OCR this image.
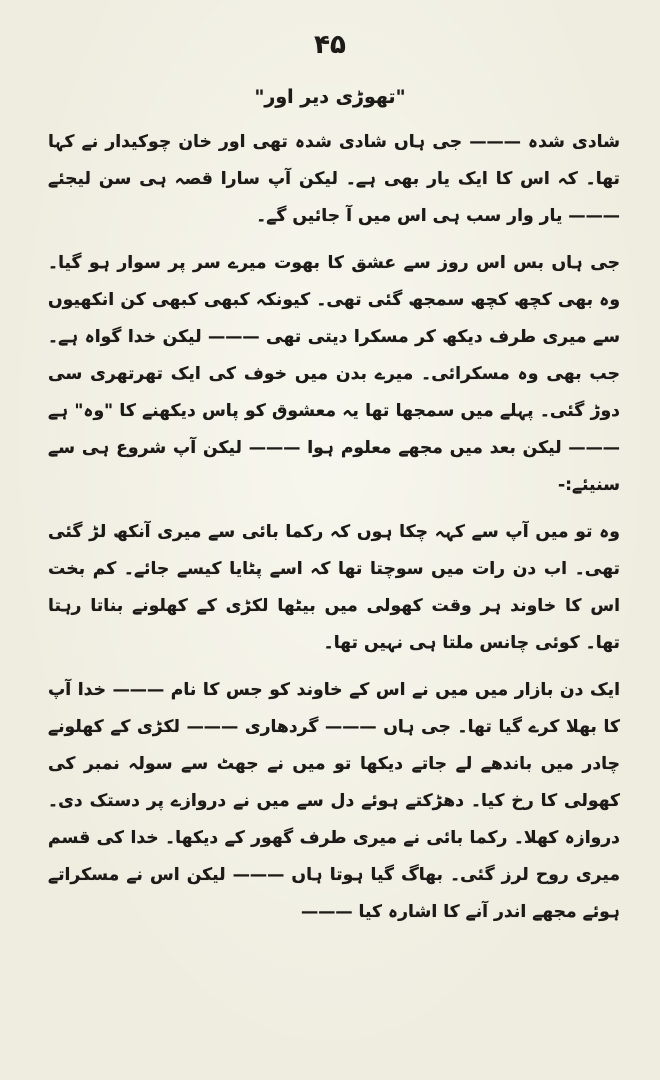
۴۵
"تھوڑی دیر اور"

شادی شدہ ——— جی ہاں شادی شدہ تھی اور خان چوکیدار نے کہا تھا۔ کہ اس کا ایک یار بھی ہے۔ لیکن آپ سارا قصہ ہی سن لیجئے ——— یار وار سب ہی اس میں آ جائیں گے۔

جی ہاں بس اس روز سے عشق کا بھوت میرے سر پر سوار ہو گیا۔ وہ بھی کچھ کچھ سمجھ گئی تھی۔ کیونکہ کبھی کبھی کن انکھیوں سے میری طرف دیکھ کر مسکرا دیتی تھی ——— لیکن خدا گواہ ہے۔ جب بھی وہ مسکرائی۔ میرے بدن میں خوف کی ایک تھرتھری سی دوڑ گئی۔ پہلے میں سمجھا تھا یہ معشوق کو پاس دیکھنے کا "وہ" ہے ——— لیکن بعد میں مجھے معلوم ہوا ——— لیکن آپ شروع ہی سے سنیئے:-

وہ تو میں آپ سے کہہ چکا ہوں کہ رکما بائی سے میری آنکھ لڑ گئی تھی۔ اب دن رات میں سوچتا تھا کہ اسے پٹایا کیسے جائے۔ کم بخت اس کا خاوند ہر وقت کھولی میں بیٹھا لکڑی کے کھلونے بناتا رہتا تھا۔ کوئی چانس ملتا ہی نہیں تھا۔

ایک دن بازار میں میں نے اس کے خاوند کو جس کا نام ——— خدا آپ کا بھلا کرے گیا تھا۔ جی ہاں ——— گردھاری ——— لکڑی کے کھلونے چادر میں باندھے لے جاتے دیکھا تو میں نے جھٹ سے سولہ نمبر کی کھولی کا رخ کیا۔ دھڑکتے ہوئے دل سے میں نے دروازے پر دستک دی۔ دروازہ کھلا۔ رکما بائی نے میری طرف گھور کے دیکھا۔ خدا کی قسم میری روح لرز گئی۔ بھاگ گیا ہوتا ہاں ——— لیکن اس نے مسکراتے ہوئے مجھے اندر آنے کا اشارہ کیا ———
